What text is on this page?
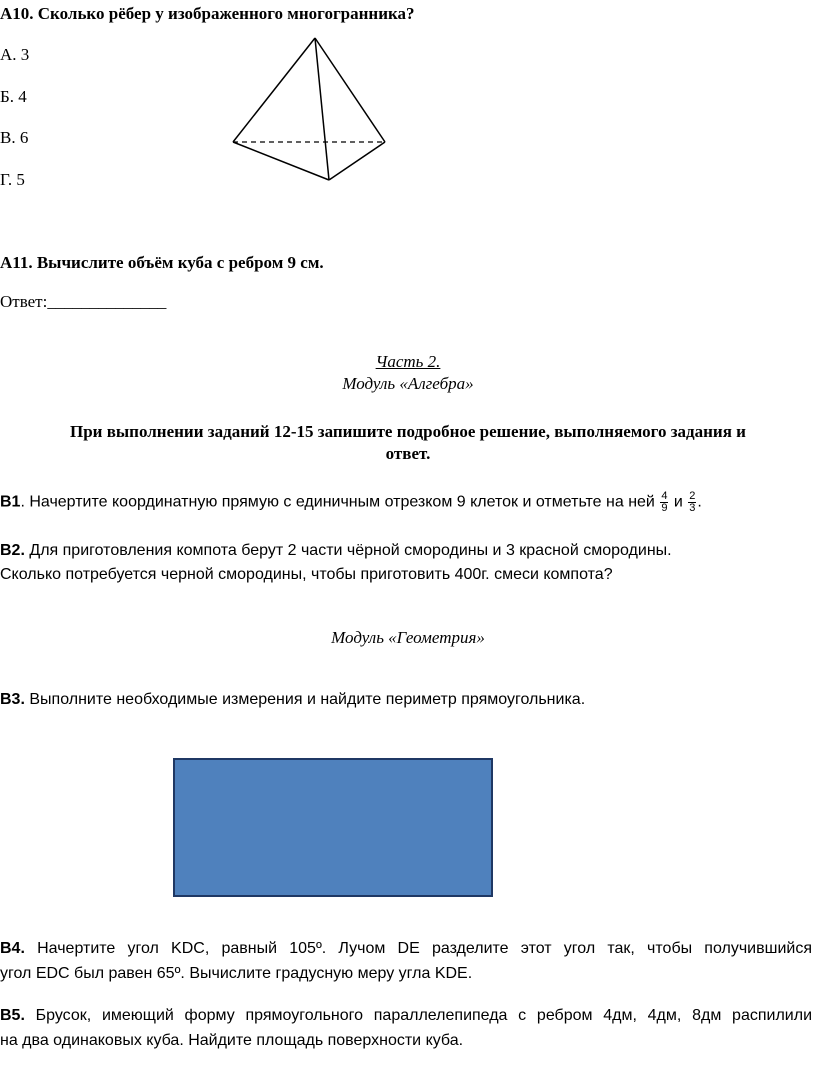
А10. Сколько рёбер у изображенного многогранника?
А. 3
Б. 4
В. 6
Г. 5
А11. Вычислите объём куба с ребром 9 см.
Ответ:______________
Часть 2.
Модуль «Алгебра»
При выполнении заданий 12-15 запишите подробное решение, выполняемого задания и
ответ.
В1. Начертите координатную прямую с единичным отрезком 9 клеток и отметьте на ней $\frac{4}{9}$ и $\frac{2}{3}$ .
В2. Для приготовления компота берут 2 части чёрной смородины и 3 красной смородины.
Сколько потребуется черной смородины, чтобы приготовить 400г. смеси компота?
Модуль «Геометрия»
В3. Выполните необходимые измерения и найдите периметр прямоугольника.
В4. Начертите угол KDC, равный 105º. Лучом DE разделите этот угол так, чтобы получившийся
угол EDC был равен 65º. Вычислите градусную меру угла KDE.
В5. Брусок, имеющий форму прямоугольного параллелепипеда с ребром 4дм, 4дм, 8дм распилили
на два одинаковых куба. Найдите площадь поверхности куба.
